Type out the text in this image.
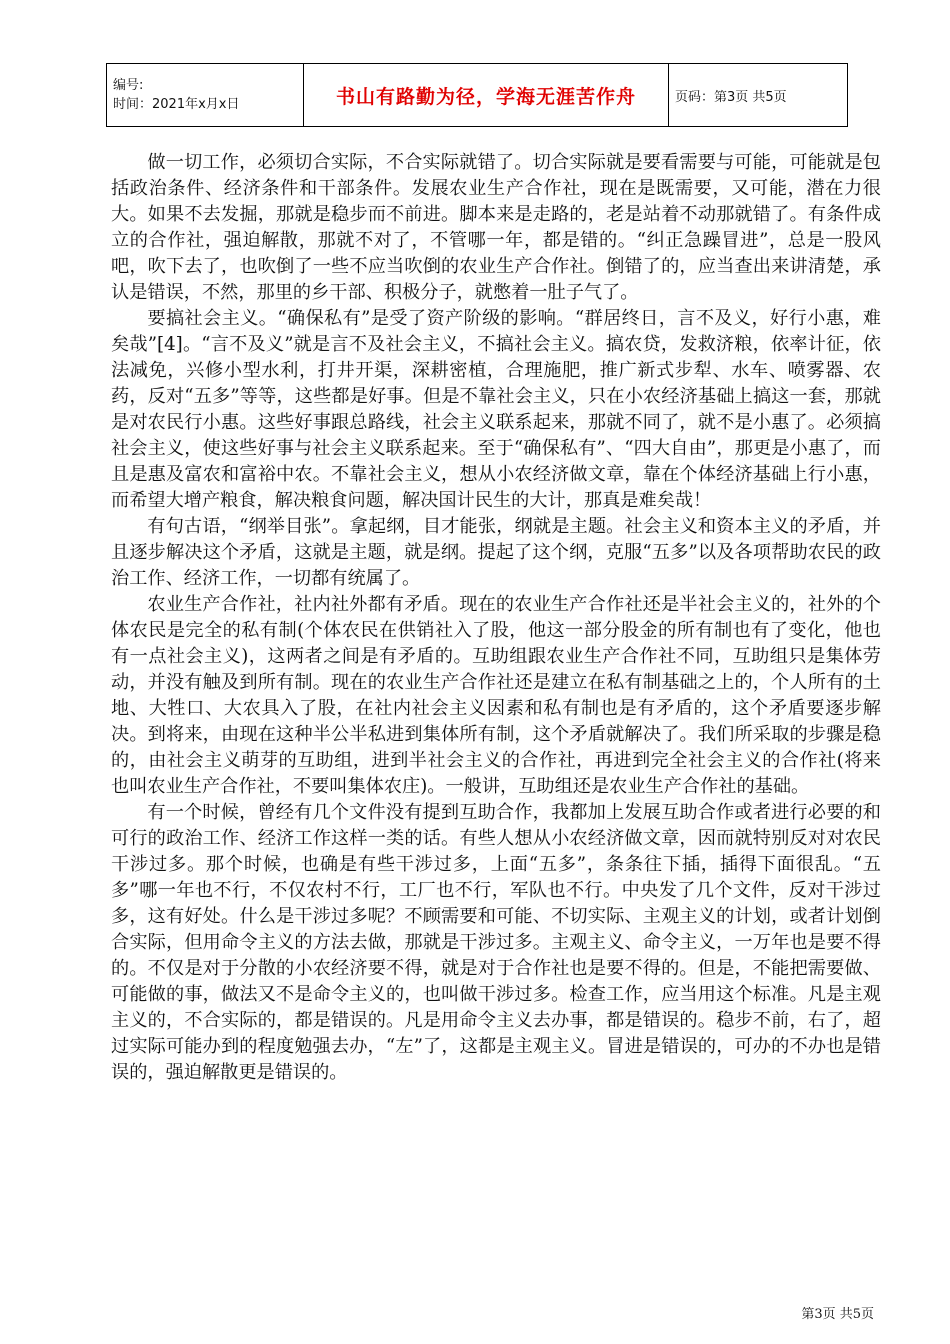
编号:
时间：2021年x月x日	书山有路勤为径，学海无涯苦作舟	页码：第3页 共5页

做一切工作，必须切合实际，不合实际就错了。切合实际就是要看需要与可能，可能就是包括政治条件、经济条件和干部条件。发展农业生产合作社，现在是既需要，又可能，潜在力很大。如果不去发掘，那就是稳步而不前进。脚本来是走路的，老是站着不动那就错了。有条件成立的合作社，强迫解散，那就不对了，不管哪一年，都是错的。“纠正急躁冒进”，总是一股风吧，吹下去了，也吹倒了一些不应当吹倒的农业生产合作社。倒错了的，应当查出来讲清楚，承认是错误，不然，那里的乡干部、积极分子，就憋着一肚子气了。

要搞社会主义。“确保私有”是受了资产阶级的影响。“群居终日，言不及义，好行小惠，难矣哉”[4]。“言不及义”就是言不及社会主义，不搞社会主义。搞农贷，发救济粮，依率计征，依法减免，兴修小型水利，打井开渠，深耕密植，合理施肥，推广新式步犁、水车、喷雾器、农药，反对“五多”等等，这些都是好事。但是不靠社会主义，只在小农经济基础上搞这一套，那就是对农民行小惠。这些好事跟总路线，社会主义联系起来，那就不同了，就不是小惠了。必须搞社会主义，使这些好事与社会主义联系起来。至于“确保私有”、“四大自由”，那更是小惠了，而且是惠及富农和富裕中农。不靠社会主义，想从小农经济做文章，靠在个体经济基础上行小惠，而希望大增产粮食，解决粮食问题，解决国计民生的大计，那真是难矣哉！

有句古语，“纲举目张”。拿起纲，目才能张，纲就是主题。社会主义和资本主义的矛盾，并且逐步解决这个矛盾，这就是主题，就是纲。提起了这个纲，克服“五多”以及各项帮助农民的政治工作、经济工作，一切都有统属了。

农业生产合作社，社内社外都有矛盾。现在的农业生产合作社还是半社会主义的，社外的个体农民是完全的私有制(个体农民在供销社入了股，他这一部分股金的所有制也有了变化，他也有一点社会主义)，这两者之间是有矛盾的。互助组跟农业生产合作社不同，互助组只是集体劳动，并没有触及到所有制。现在的农业生产合作社还是建立在私有制基础之上的，个人所有的土地、大牲口、大农具入了股，在社内社会主义因素和私有制也是有矛盾的，这个矛盾要逐步解决。到将来，由现在这种半公半私进到集体所有制，这个矛盾就解决了。我们所采取的步骤是稳的，由社会主义萌芽的互助组，进到半社会主义的合作社，再进到完全社会主义的合作社(将来也叫农业生产合作社，不要叫集体农庄)。一般讲，互助组还是农业生产合作社的基础。

有一个时候，曾经有几个文件没有提到互助合作，我都加上发展互助合作或者进行必要的和可行的政治工作、经济工作这样一类的话。有些人想从小农经济做文章，因而就特别反对对农民干涉过多。那个时候，也确是有些干涉过多，上面“五多”，条条往下插，插得下面很乱。“五多”哪一年也不行，不仅农村不行，工厂也不行，军队也不行。中央发了几个文件，反对干涉过多，这有好处。什么是干涉过多呢？不顾需要和可能、不切实际、主观主义的计划，或者计划倒合实际，但用命令主义的方法去做，那就是干涉过多。主观主义、命令主义，一万年也是要不得的。不仅是对于分散的小农经济要不得，就是对于合作社也是要不得的。但是，不能把需要做、可能做的事，做法又不是命令主义的，也叫做干涉过多。检查工作，应当用这个标准。凡是主观主义的，不合实际的，都是错误的。凡是用命令主义去办事，都是错误的。稳步不前，右了，超过实际可能办到的程度勉强去办，“左”了，这都是主观主义。冒进是错误的，可办的不办也是错误的，强迫解散更是错误的。

第3页 共5页
